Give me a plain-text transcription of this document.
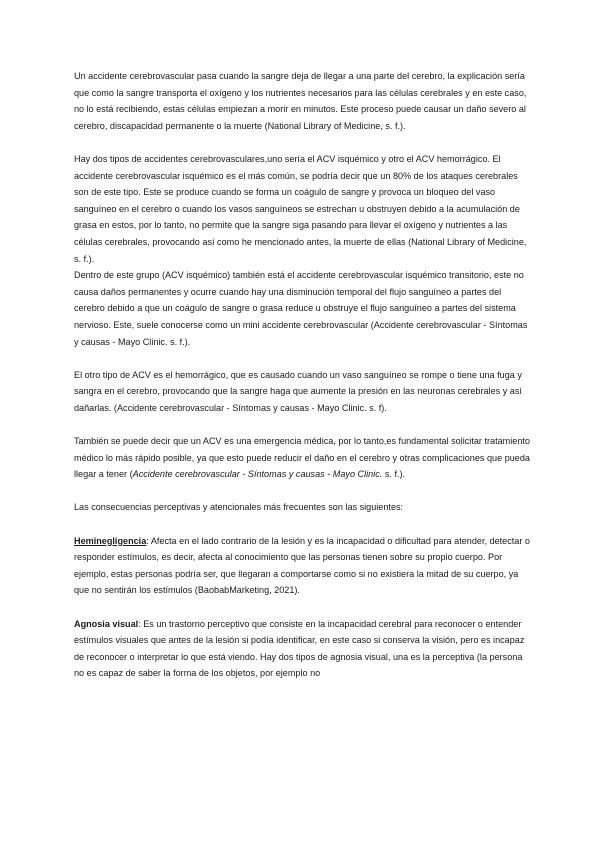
Un accidente cerebrovascular pasa cuando la sangre deja de llegar a una parte del cerebro, la explicación sería que como la sangre transporta el oxígeno y los nutrientes necesarios para las células cerebrales y en este caso, no lo está recibiendo, estas células empiezan a morir en minutos. Este proceso puede causar un daño severo al cerebro, discapacidad permanente o la muerte (National Library of Medicine, s. f.).

Hay dos tipos de accidentes cerebrovasculares,uno sería el ACV isquémico y otro el ACV hemorrágico. El accidente cerebrovascular isquémico es el más común, se podría decir que un 80% de los ataques cerebrales son de este tipo. Este se produce cuando se forma un coágulo de sangre y provoca un bloqueo del vaso sanguíneo en el cerebro o cuando los vasos sanguíneos se estrechan u obstruyen debido a la acumulación de grasa en estos, por lo tanto, no permite que la sangre siga pasando para llevar el oxígeno y nutrientes a las células cerebrales, provocando así como he mencionado antes, la muerte de ellas (National Library of Medicine, s. f.).

Dentro de este grupo (ACV isquémico) también está el accidente cerebrovascular isquémico transitorio, este no causa daños permanentes y ocurre cuando hay una disminución temporal del flujo sanguíneo a partes del cerebro debido a que un coágulo de sangre o grasa reduce u obstruye el flujo sanguíneo a partes del sistema nervioso. Este, suele conocerse como un mini accidente cerebrovascular (Accidente cerebrovascular - Síntomas y causas - Mayo Clinic. s. f.).

El otro tipo de ACV es el hemorrágico, que es causado cuando un vaso sanguíneo se rompe o tiene una fuga y sangra en el cerebro, provocando que la sangre haga que aumente la presión en las neuronas cerebrales y así dañarlas. (Accidente cerebrovascular - Síntomas y causas - Mayo Clinic. s. f).

También se puede decir que un ACV es una emergencia médica, por lo tanto,es fundamental solicitar tratamiento médico lo más rápido posible, ya que esto puede reducir el daño en el cerebro y otras complicaciones que pueda llegar a tener (Accidente cerebrovascular - Síntomas y causas - Mayo Clinic. s. f.).

Las consecuencias perceptivas y atencionales más frecuentes son las siguientes:

Heminegligencia: Afecta en el lado contrario de la lesión y es la incapacidad o dificultad para atender, detectar o responder estímulos, es decir, afecta al conocimiento que las personas tienen sobre su propio cuerpo. Por ejemplo, estas personas podría ser, que llegaran a comportarse como si no existiera la mitad de su cuerpo, ya que no sentirán los estímulos (BaobabMarketing, 2021).

Agnosia visual: Es un trastorno perceptivo que consiste en la incapacidad cerebral para reconocer o entender estímulos visuales que antes de la lesión si podía identificar, en este caso si conserva la visión, pero es incapaz de reconocer o interpretar lo que está viendo. Hay dos tipos de agnosia visual, una es la perceptiva (la persona no es capaz de saber la forma de los objetos, por ejemplo no
